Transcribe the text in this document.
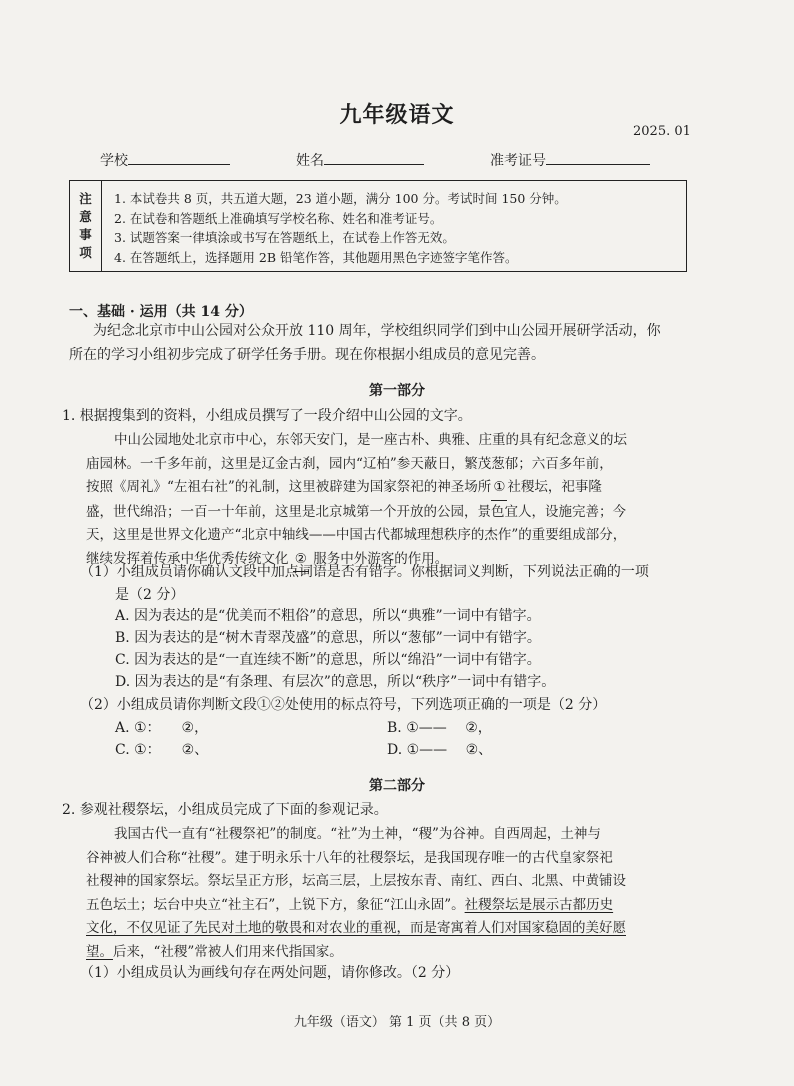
九年级语文
2025. 01
学校	姓名	准考证号
注
意
事
项
1. 本试卷共 8 页，共五道大题，23 道小题，满分 100 分。考试时间 150 分钟。
2. 在试卷和答题纸上准确填写学校名称、姓名和准考证号。
3. 试题答案一律填涂或书写在答题纸上，在试卷上作答无效。
4. 在答题纸上，选择题用 2B 铅笔作答，其他题用黑色字迹签字笔作答。
一、基础 · 运用（共 14 分）
为纪念北京市中山公园对公众开放 110 周年，学校组织同学们到中山公园开展研学活动，你
所在的学习小组初步完成了研学任务手册。现在你根据小组成员的意见完善。
第一部分
1. 根据搜集到的资料，小组成员撰写了一段介绍中山公园的文字。
中山公园地处北京市中心，东邻天安门，是一座古朴、典雅、庄重的具有纪念意义的坛
庙园林。一千多年前，这里是辽金古刹，园内“辽柏”参天蔽日，繁茂葱郁；六百多年前，
按照《周礼》“左祖右社”的礼制，这里被辟建为国家祭祀的神圣场所 ① 社稷坛，祀事隆
盛，世代绵沿；一百一十年前，这里是北京城第一个开放的公园，景色宜人，设施完善；今
天，这里是世界文化遗产“北京中轴线——中国古代都城理想秩序的杰作”的重要组成部分，
继续发挥着传承中华优秀传统文化 ② 服务中外游客的作用。
（1）小组成员请你确认文段中加点词语是否有错字。你根据词义判断，下列说法正确的一项
是（2 分）
A. 因为表达的是“优美而不粗俗”的意思，所以“典雅”一词中有错字。
B. 因为表达的是“树木青翠茂盛”的意思，所以“葱郁”一词中有错字。
C. 因为表达的是“一直连续不断”的意思，所以“绵沿”一词中有错字。
D. 因为表达的是“有条理、有层次”的意思，所以“秩序”一词中有错字。
（2）小组成员请你判断文段①②处使用的标点符号，下列选项正确的一项是（2 分）
A. ①：　　②，	B. ①——　 ②，
C. ①：　　②、	D. ①——　 ②、
第二部分
2. 参观社稷祭坛，小组成员完成了下面的参观记录。
我国古代一直有“社稷祭祀”的制度。“社”为土神，“稷”为谷神。自西周起，土神与
谷神被人们合称“社稷”。建于明永乐十八年的社稷祭坛，是我国现存唯一的古代皇家祭祀
社稷神的国家祭坛。祭坛呈正方形，坛高三层，上层按东青、南红、西白、北黑、中黄铺设
五色坛土；坛台中央立“社主石”，上锐下方，象征“江山永固”。社稷祭坛是展示古都历史
文化，不仅见证了先民对土地的敬畏和对农业的重视，而是寄寓着人们对国家稳固的美好愿
望。后来，“社稷”常被人们用来代指国家。
（1）小组成员认为画线句存在两处问题，请你修改。（2 分）
九年级（语文） 第 1 页（共 8 页）
